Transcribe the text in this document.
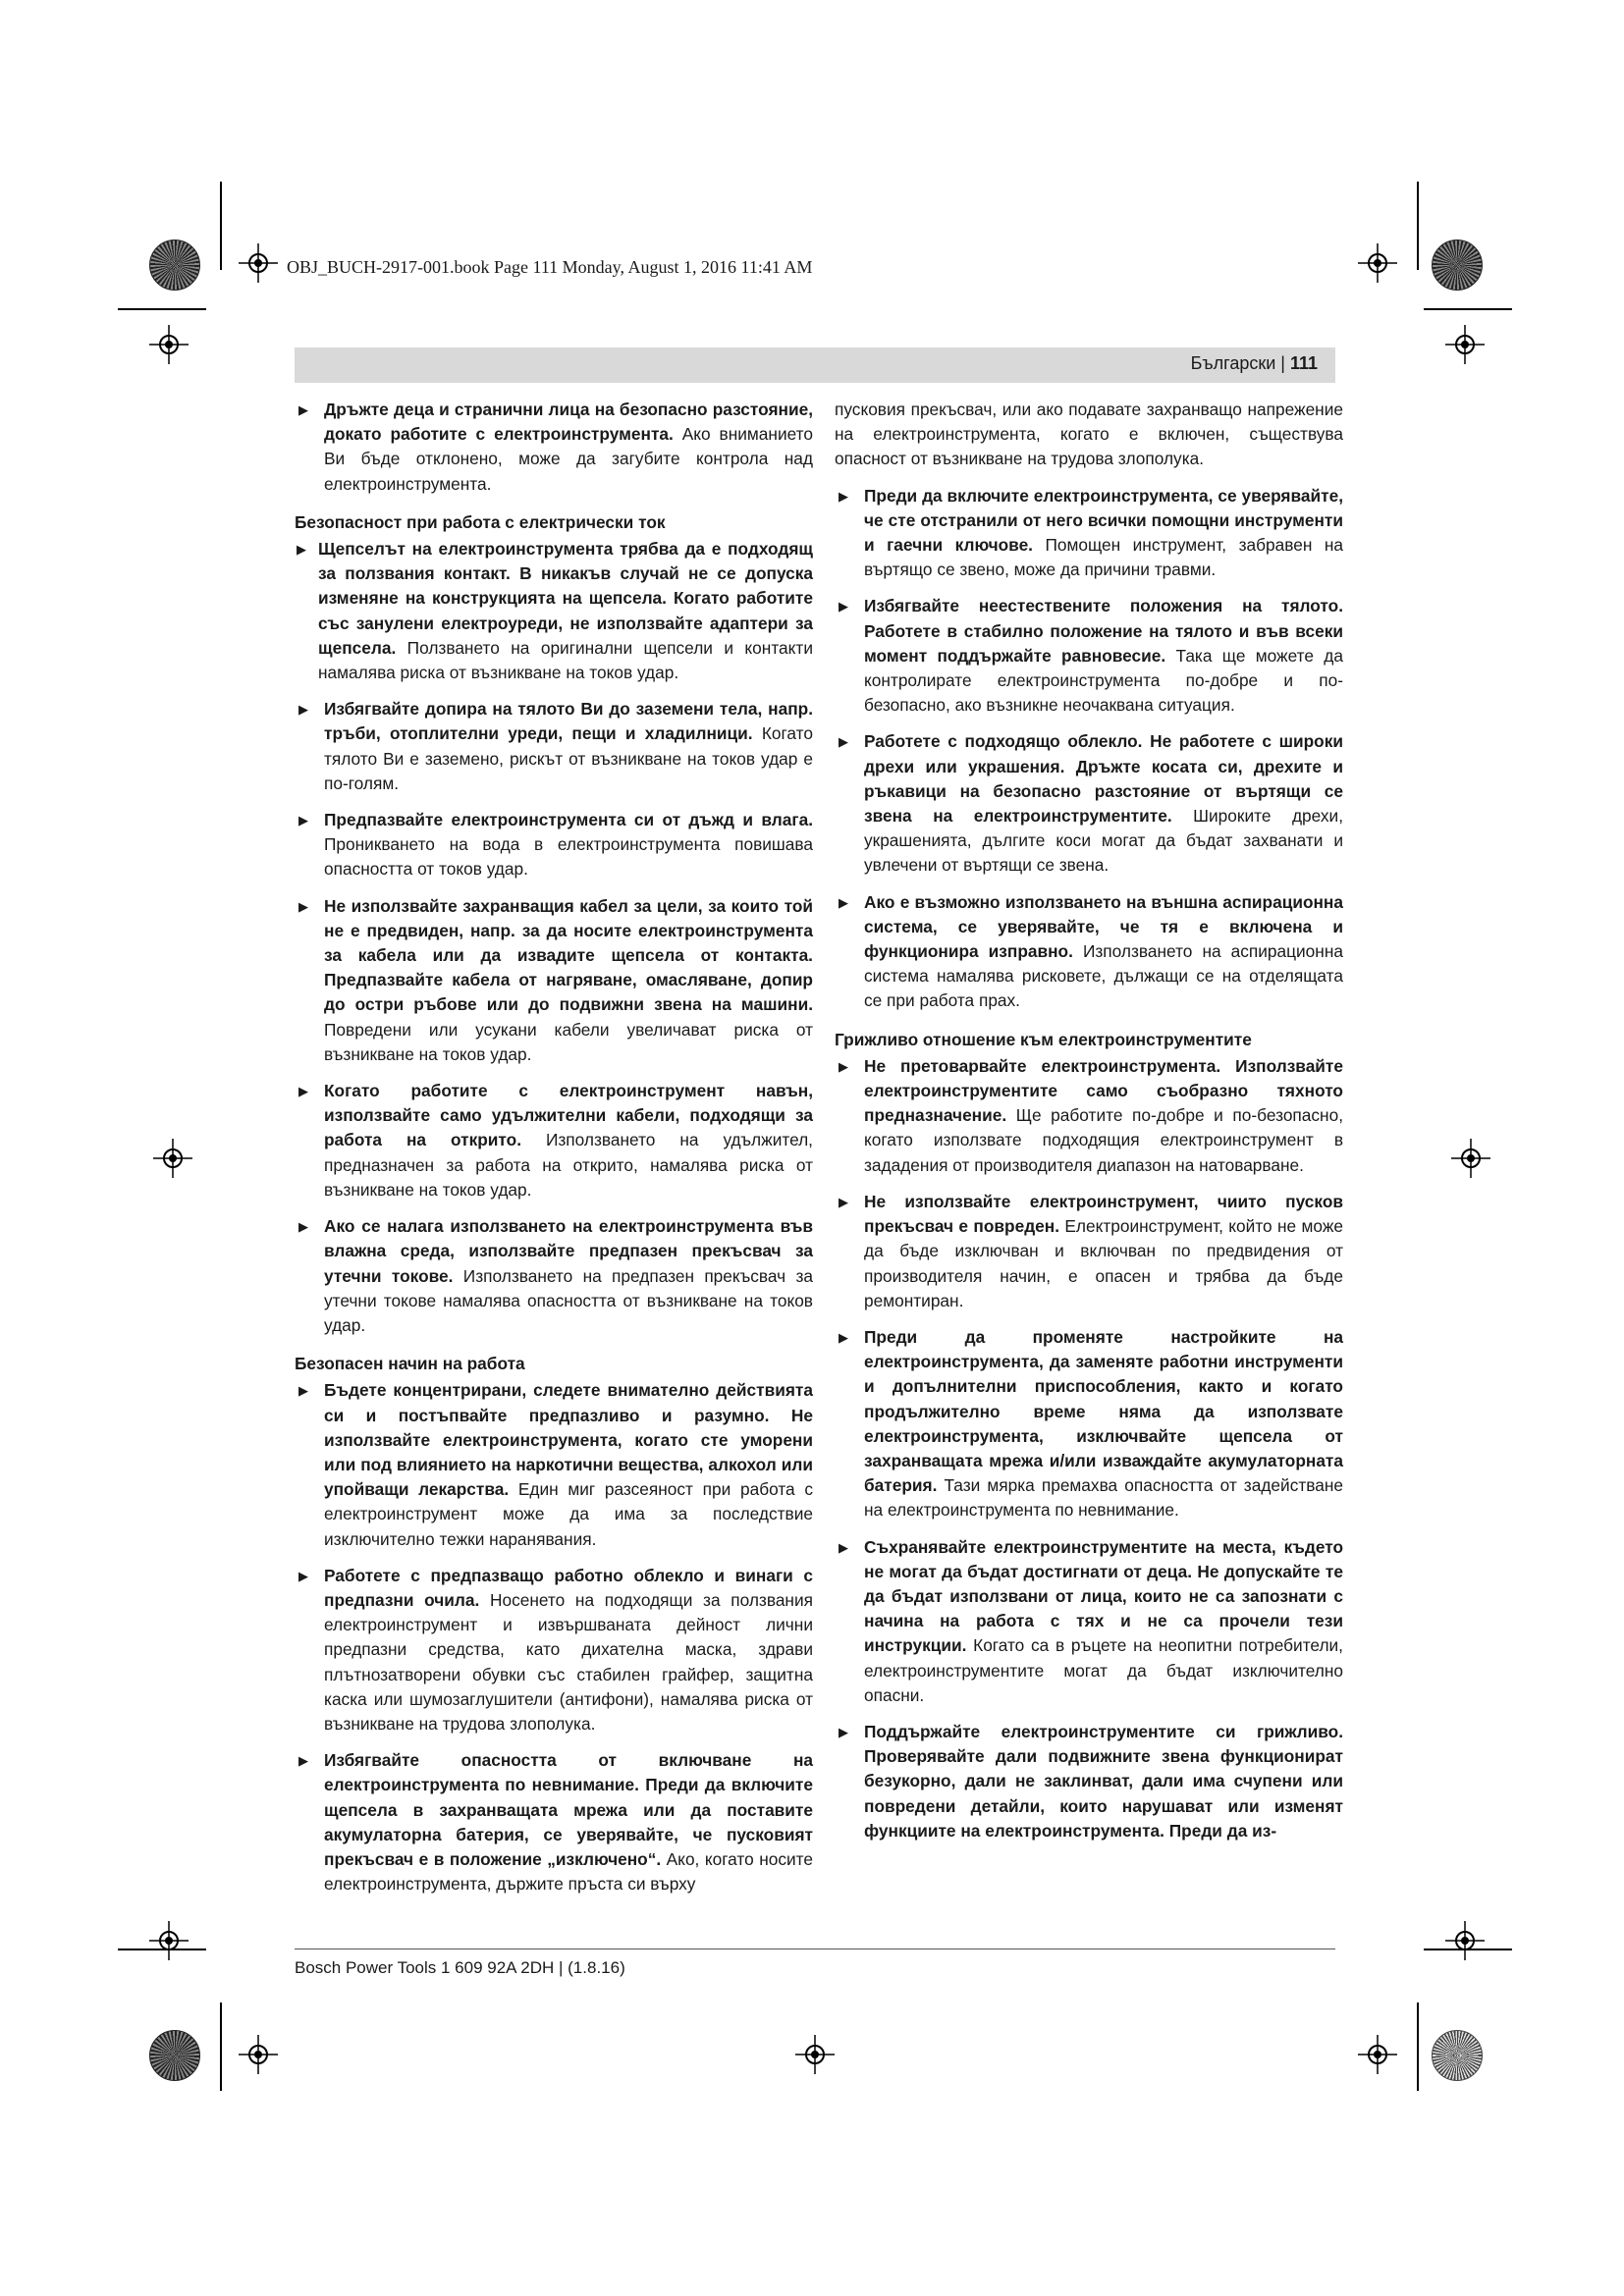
OBJ_BUCH-2917-001.book Page 111 Monday, August 1, 2016 11:41 AM
Български | 111
▶ Дръжте деца и странични лица на безопасно разстояние, докато работите с електроинструмента. Ако вниманието Ви бъде отклонено, може да загубите контрола над електроинструмента.
Безопасност при работа с електрически ток
▶ Щепселът на електроинструмента трябва да е подходящ за ползвания контакт. В никакъв случай не се допуска изменяне на конструкцията на щепсела. Когато работите със занулени електроуреди, не използвайте адаптери за щепсела. Ползването на оригинални щепсели и контакти намалява риска от възникване на токов удар.
▶ Избягвайте допира на тялото Ви до заземени тела, напр. тръби, отоплителни уреди, пещи и хладилници. Когато тялото Ви е заземено, рискът от възникване на токов удар е по-голям.
▶ Предпазвайте електроинструмента си от дъжд и влага. Проникването на вода в електроинструмента повишава опасността от токов удар.
▶ Не използвайте захранващия кабел за цели, за които той не е предвиден, напр. за да носите електроинструмента за кабела или да извадите щепсела от контакта. Предпазвайте кабела от нагряване, омасляване, допир до остри ръбове или до подвижни звена на машини. Повредени или усукани кабели увеличават риска от възникване на токов удар.
▶ Когато работите с електроинструмент навън, използвайте само удължителни кабели, подходящи за работа на открито. Използването на удължител, предназначен за работа на открито, намалява риска от възникване на токов удар.
▶ Ако се налага използването на електроинструмента във влажна среда, използвайте предпазен прекъсвач за утечни токове. Използването на предпазен прекъсвач за утечни токове намалява опасността от възникване на токов удар.
Безопасен начин на работа
▶ Бъдете концентрирани, следете внимателно действията си и постъпвайте предпазливо и разумно. Не използвайте електроинструмента, когато сте уморени или под влиянието на наркотични вещества, алкохол или упойващи лекарства. Един миг разсеяност при работа с електроинструмент може да има за последствие изключително тежки наранявания.
▶ Работете с предпазващо работно облекло и винаги с предпазни очила. Носенето на подходящи за ползвания електроинструмент и извършваната дейност лични предпазни средства, като дихателна маска, здрави плътнозатворени обувки със стабилен грайфер, защитна каска или шумозаглушители (антифони), намалява риска от възникване на трудова злополука.
▶ Избягвайте опасността от включване на електроинструмента по невнимание. Преди да включите щепсела в захранващата мрежа или да поставите акумулаторна батерия, се уверявайте, че пусковият прекъсвач е в положение „изключено“. Ако, когато носите електроинструмента, държите пръста си върху

пусковия прекъсвач, или ако подавате захранващо напрежение на електроинструмента, когато е включен, съществува опасност от възникване на трудова злополука.

▶ Преди да включите електроинструмента, се уверявайте, че сте отстранили от него всички помощни инструменти и гаечни ключове. Помощен инструмент, забравен на въртящо се звено, може да причини травми.
▶ Избягвайте неестествените положения на тялото. Работете в стабилно положение на тялото и във всеки момент поддържайте равновесие. Така ще можете да контролирате електроинструмента по-добре и по-безопасно, ако възникне неочаквана ситуация.
▶ Работете с подходящо облекло. Не работете с широки дрехи или украшения. Дръжте косата си, дрехите и ръкавици на безопасно разстояние от въртящи се звена на електроинструментите. Широките дрехи, украшенията, дългите коси могат да бъдат захванати и увлечени от въртящи се звена.
▶ Ако е възможно използването на външна аспирационна система, се уверявайте, че тя е включена и функционира изправно. Използването на аспирационна система намалява рисковете, дължащи се на отделящата се при работа прах.
Грижливо отношение към електроинструментите
▶ Не претоварвайте електроинструмента. Използвайте електроинструментите само съобразно тяхното предназначение. Ще работите по-добре и по-безопасно, когато използвате подходящия електроинструмент в зададения от производителя диапазон на натоварване.
▶ Не използвайте електроинструмент, чиито пусков прекъсвач е повреден. Електроинструмент, който не може да бъде изключван и включван по предвидения от производителя начин, е опасен и трябва да бъде ремонтиран.
▶ Преди да променяте настройките на електроинструмента, да заменяте работни инструменти и допълнителни приспособления, както и когато продължително време няма да използвате електроинструмента, изключвайте щепсела от захранващата мрежа и/или изваждайте акумулаторната батерия. Тази мярка премахва опасността от задействане на електроинструмента по невнимание.
▶ Съхранявайте електроинструментите на места, където не могат да бъдат достигнати от деца. Не допускайте те да бъдат използвани от лица, които не са запознати с начина на работа с тях и не са прочели тези инструкции. Когато са в ръцете на неопитни потребители, електроинструментите могат да бъдат изключително опасни.
▶ Поддържайте електроинструментите си грижливо. Проверявайте дали подвижните звена функционират безукорно, дали не заклинват, дали има счупени или повредени детайли, които нарушават или изменят функциите на електроинструмента. Преди да из-
Bosch Power Tools 1 609 92A 2DH | (1.8.16)
